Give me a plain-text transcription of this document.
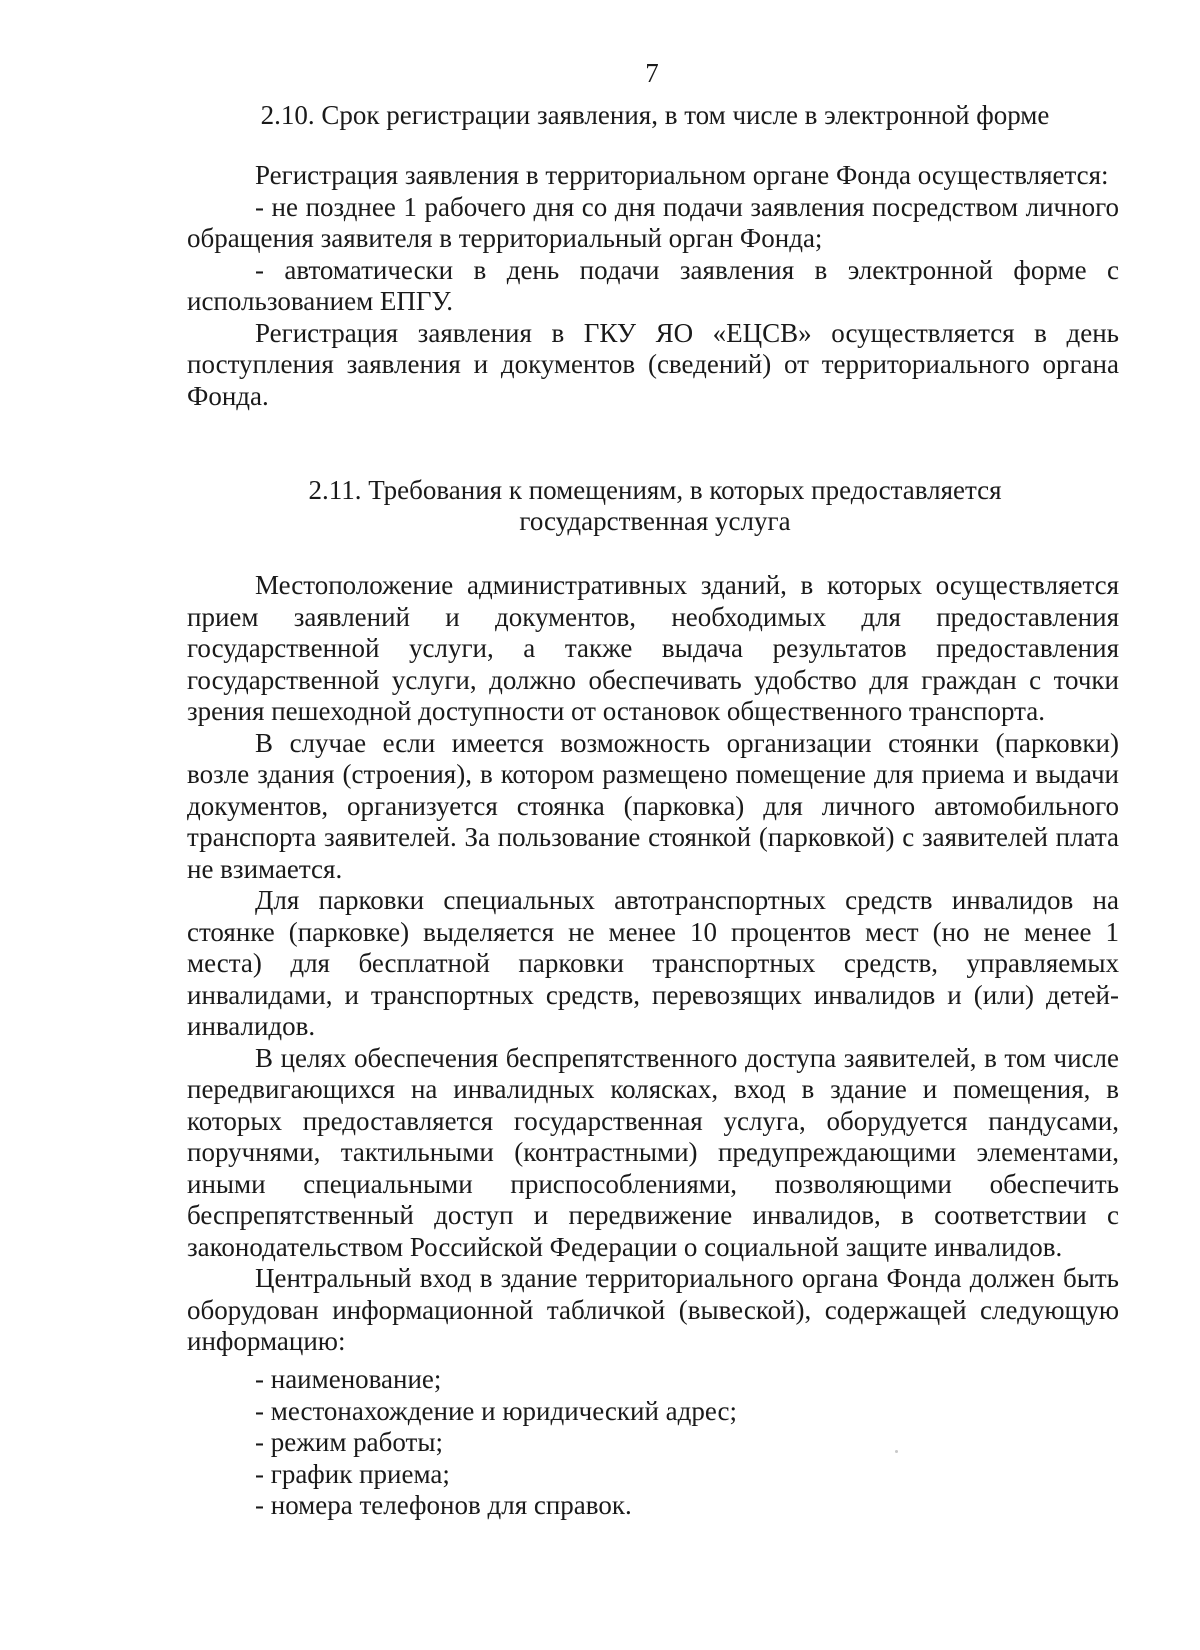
7
2.10. Срок регистрации заявления, в том числе в электронной форме

Регистрация заявления в территориальном органе Фонда осуществляется:

- не позднее 1 рабочего дня со дня подачи заявления посредством личного обращения заявителя в территориальный орган Фонда;

- автоматически в день подачи заявления в электронной форме с использованием ЕПГУ.

Регистрация заявления в ГКУ ЯО «ЕЦСВ» осуществляется в день поступления заявления и документов (сведений) от территориального органа Фонда.

2.11. Требования к помещениям, в которых предоставляется
государственная услуга

Местоположение административных зданий, в которых осуществляется прием заявлений и документов, необходимых для предоставления государственной услуги, а также выдача результатов предоставления государственной услуги, должно обеспечивать удобство для граждан с точки зрения пешеходной доступности от остановок общественного транспорта.

В случае если имеется возможность организации стоянки (парковки) возле здания (строения), в котором размещено помещение для приема и выдачи документов, организуется стоянка (парковка) для личного автомобильного транспорта заявителей. За пользование стоянкой (парковкой) с заявителей плата не взимается.

Для парковки специальных автотранспортных средств инвалидов на стоянке (парковке) выделяется не менее 10 процентов мест (но не менее 1 места) для бесплатной парковки транспортных средств, управляемых инвалидами, и транспортных средств, перевозящих инвалидов и (или) детей-инвалидов.

В целях обеспечения беспрепятственного доступа заявителей, в том числе передвигающихся на инвалидных колясках, вход в здание и помещения, в которых предоставляется государственная услуга, оборудуется пандусами, поручнями, тактильными (контрастными) предупреждающими элементами, иными специальными приспособлениями, позволяющими обеспечить беспрепятственный доступ и передвижение инвалидов, в соответствии с законодательством Российской Федерации о социальной защите инвалидов.

Центральный вход в здание территориального органа Фонда должен быть оборудован информационной табличкой (вывеской), содержащей следующую информацию:

- наименование;
- местонахождение и юридический адрес;
- режим работы;
- график приема;
- номера телефонов для справок.
